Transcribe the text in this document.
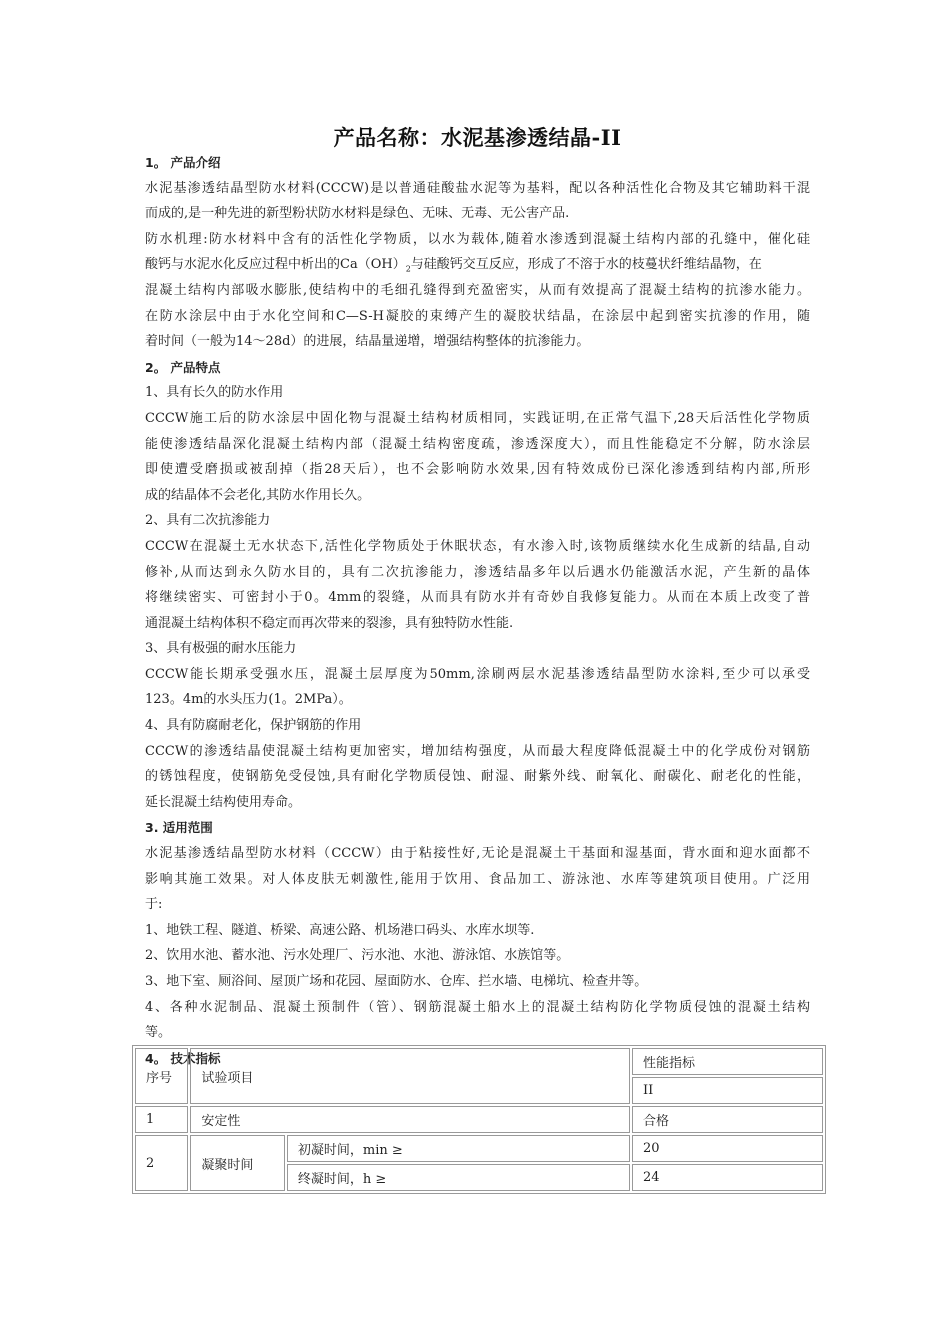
产品名称：水泥基渗透结晶-II
1。 产品介绍
水泥基渗透结晶型防水材料(CCCW)是以普通硅酸盐水泥等为基料，配以各种活性化合物及其它辅助料干混
而成的,是一种先进的新型粉状防水材料是绿色、无味、无毒、无公害产品.
防水机理:防水材料中含有的活性化学物质，以水为载体,随着水渗透到混凝土结构内部的孔缝中，催化硅
酸钙与水泥水化反应过程中析出的$Ca(OH)_2$与硅酸钙交互反应，形成了不溶于水的枝蔓状纤维结晶物，在
混凝土结构内部吸水膨胀,使结构中的毛细孔缝得到充盈密实，从而有效提高了混凝土结构的抗渗水能力。
在防水涂层中由于水化空间和C—S-H凝胶的束缚产生的凝胶状结晶，在涂层中起到密实抗渗的作用，随
着时间（一般为14～28d）的进展，结晶量递增，增强结构整体的抗渗能力。
2。 产品特点
1、具有长久的防水作用
CCCW施工后的防水涂层中固化物与混凝土结构材质相同，实践证明,在正常气温下,28天后活性化学物质
能使渗透结晶深化混凝土结构内部（混凝土结构密度疏，渗透深度大），而且性能稳定不分解，防水涂层
即使遭受磨损或被刮掉（指28天后），也不会影响防水效果,因有特效成份已深化渗透到结构内部,所形
成的结晶体不会老化,其防水作用长久。
2、具有二次抗渗能力
CCCW在混凝土无水状态下,活性化学物质处于休眠状态，有水渗入时,该物质继续水化生成新的结晶,自动
修补,从而达到永久防水目的，具有二次抗渗能力，渗透结晶多年以后遇水仍能激活水泥，产生新的晶体
将继续密实、可密封小于0。4mm的裂缝，从而具有防水并有奇妙自我修复能力。从而在本质上改变了普
通混凝土结构体积不稳定而再次带来的裂渗，具有独特防水性能.
3、具有极强的耐水压能力
CCCW能长期承受强水压，混凝土层厚度为50mm,涂刷两层水泥基渗透结晶型防水涂料,至少可以承受
123。4m的水头压力(1。2MPa）。
4、具有防腐耐老化，保护钢筋的作用
CCCW的渗透结晶使混凝土结构更加密实，增加结构强度，从而最大程度降低混凝土中的化学成份对钢筋
的锈蚀程度，使钢筋免受侵蚀,具有耐化学物质侵蚀、耐湿、耐紫外线、耐氧化、耐碳化、耐老化的性能，
延长混凝土结构使用寿命。
3. 适用范围
水泥基渗透结晶型防水材料（CCCW）由于粘接性好,无论是混凝土干基面和湿基面，背水面和迎水面都不
影响其施工效果。对人体皮肤无刺激性,能用于饮用、食品加工、游泳池、水库等建筑项目使用。广泛用
于:
1、地铁工程、隧道、桥梁、高速公路、机场港口码头、水库水坝等.
2、饮用水池、蓄水池、污水处理厂、污水池、水池、游泳馆、水族馆等。
3、地下室、厕浴间、屋顶广场和花园、屋面防水、仓库、拦水墙、电梯坑、检查井等。
4、各种水泥制品、混凝土预制件（管）、钢筋混凝土船水上的混凝土结构防化学物质侵蚀的混凝土结构
等。
4。 技术指标
序号	试验项目		性能指标
			II
1	安定性		合格
2	凝聚时间	初凝时间，min ≥	20
		终凝时间，h ≥	24
